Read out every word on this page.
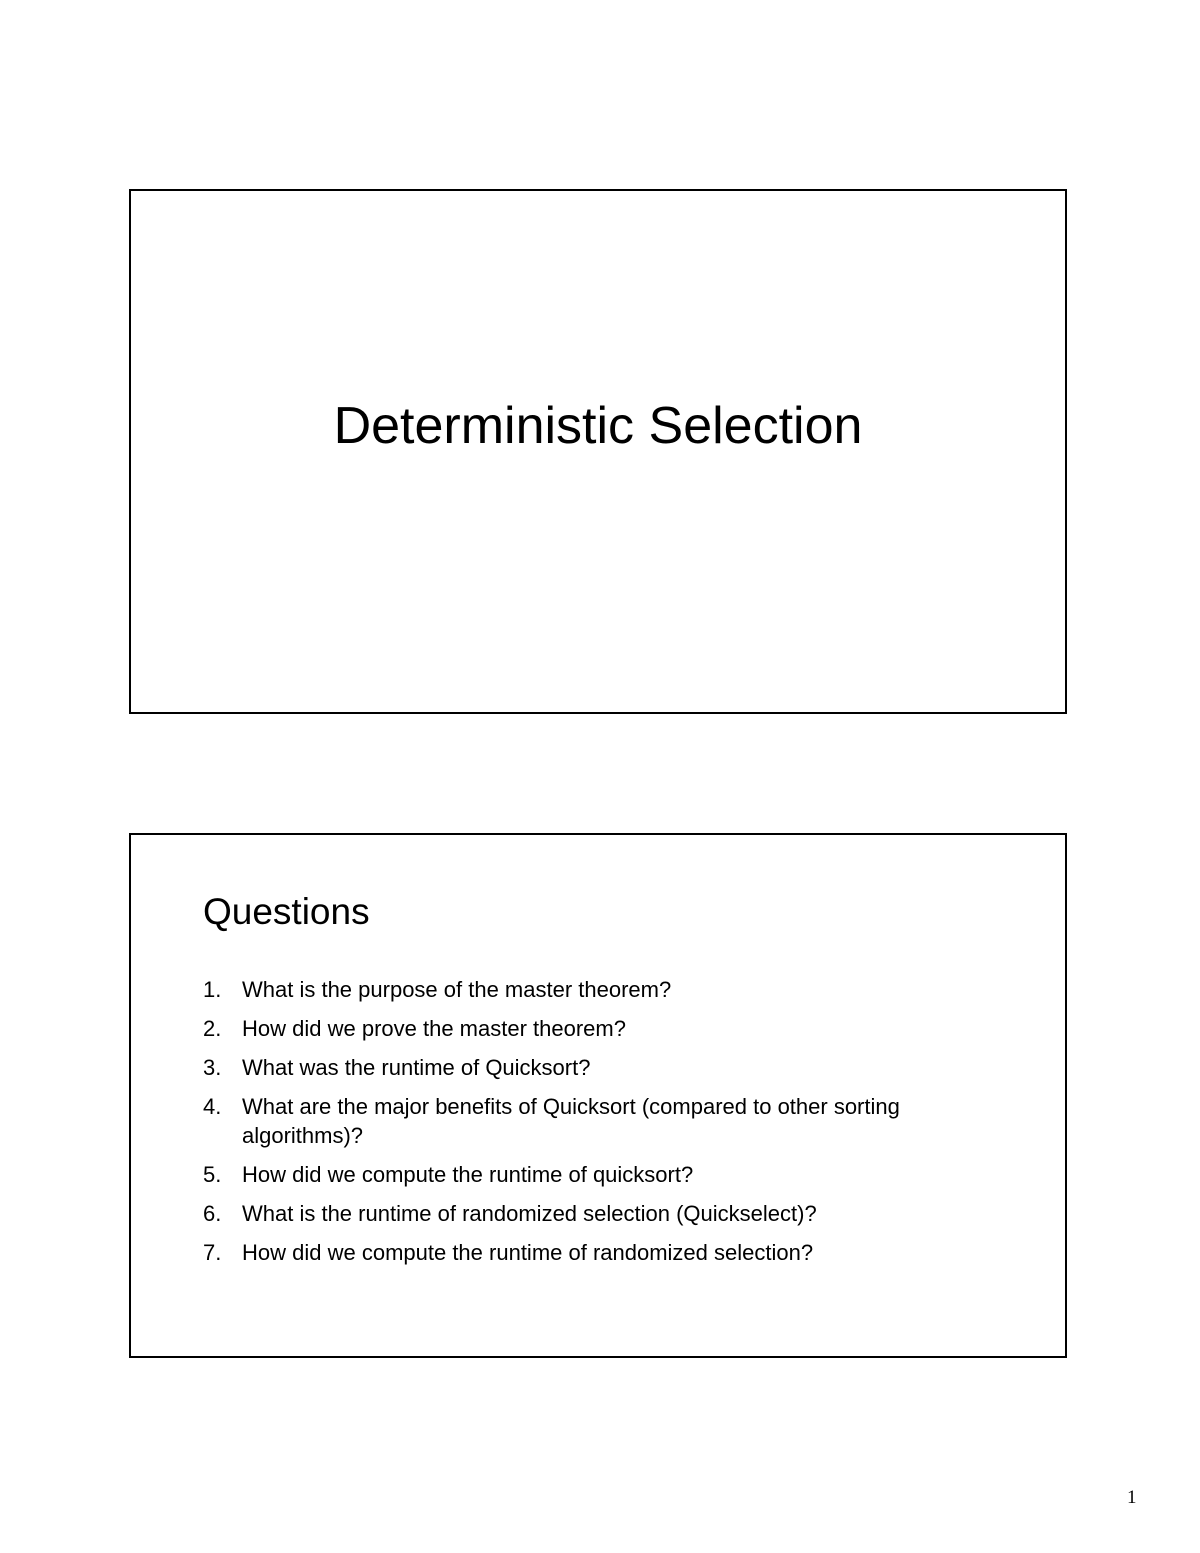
Deterministic Selection
Questions
1. What is the purpose of the master theorem?
2. How did we prove the master theorem?
3. What was the runtime of Quicksort?
4. What are the major benefits of Quicksort (compared to other sorting algorithms)?
5. How did we compute the runtime of quicksort?
6. What is the runtime of randomized selection (Quickselect)?
7. How did we compute the runtime of randomized selection?
1
